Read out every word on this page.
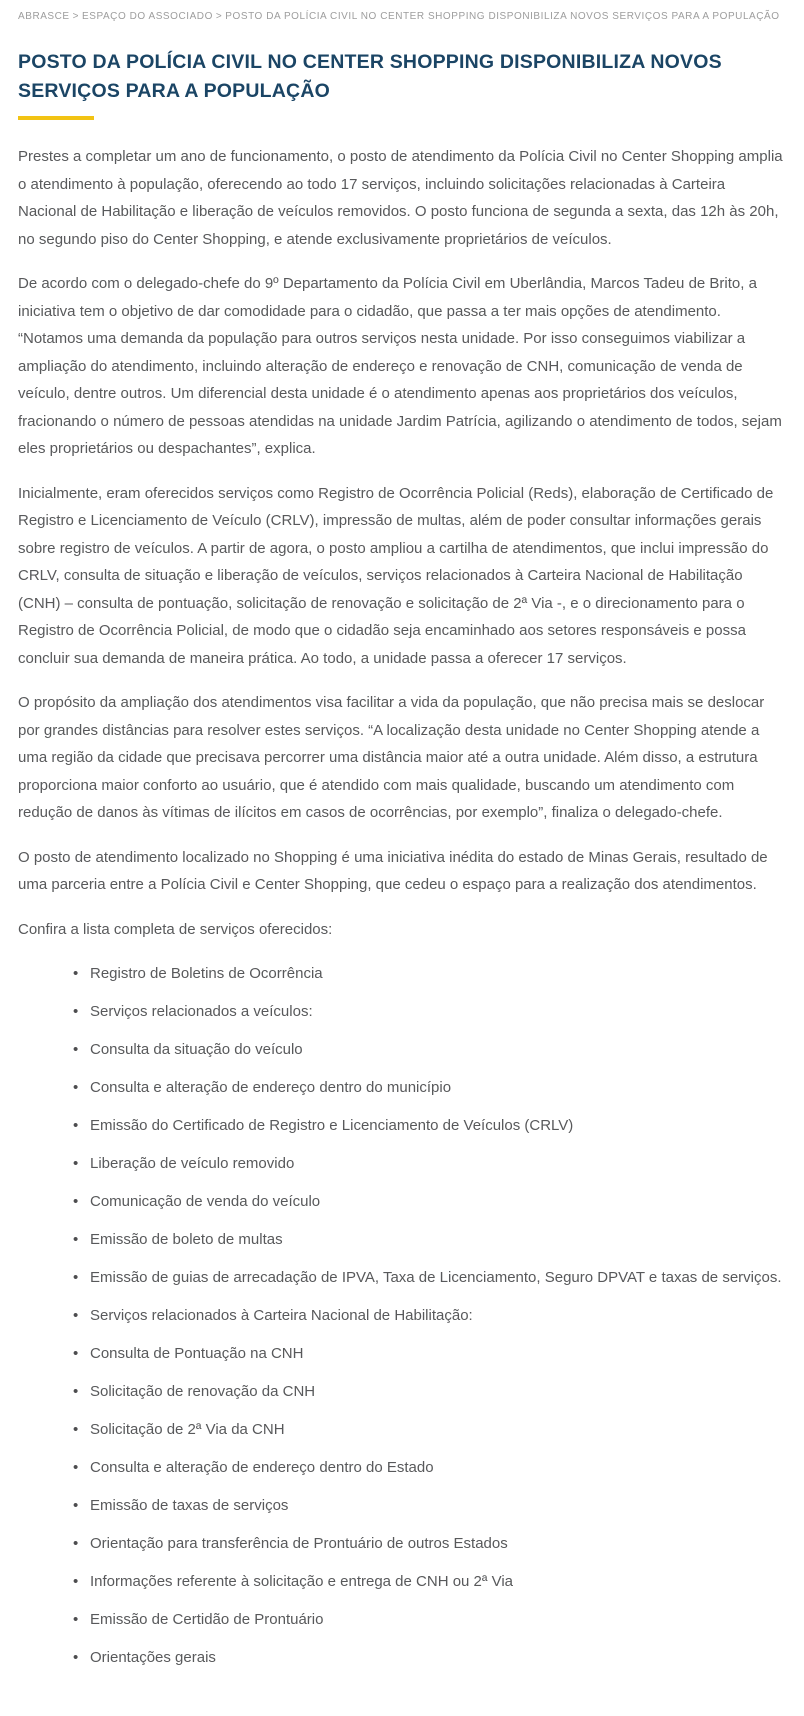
ABRASCE > ESPAÇO DO ASSOCIADO > POSTO DA POLÍCIA CIVIL NO CENTER SHOPPING DISPONIBILIZA NOVOS SERVIÇOS PARA A POPULAÇÃO
POSTO DA POLÍCIA CIVIL NO CENTER SHOPPING DISPONIBILIZA NOVOS SERVIÇOS PARA A POPULAÇÃO

Prestes a completar um ano de funcionamento, o posto de atendimento da Polícia Civil no Center Shopping amplia o atendimento à população, oferecendo ao todo 17 serviços, incluindo solicitações relacionadas à Carteira Nacional de Habilitação e liberação de veículos removidos. O posto funciona de segunda a sexta, das 12h às 20h, no segundo piso do Center Shopping, e atende exclusivamente proprietários de veículos.

De acordo com o delegado-chefe do 9º Departamento da Polícia Civil em Uberlândia, Marcos Tadeu de Brito, a iniciativa tem o objetivo de dar comodidade para o cidadão, que passa a ter mais opções de atendimento. “Notamos uma demanda da população para outros serviços nesta unidade. Por isso conseguimos viabilizar a ampliação do atendimento, incluindo alteração de endereço e renovação de CNH, comunicação de venda de veículo, dentre outros. Um diferencial desta unidade é o atendimento apenas aos proprietários dos veículos, fracionando o número de pessoas atendidas na unidade Jardim Patrícia, agilizando o atendimento de todos, sejam eles proprietários ou despachantes”, explica.

Inicialmente, eram oferecidos serviços como Registro de Ocorrência Policial (Reds), elaboração de Certificado de Registro e Licenciamento de Veículo (CRLV), impressão de multas, além de poder consultar informações gerais sobre registro de veículos. A partir de agora, o posto ampliou a cartilha de atendimentos, que inclui impressão do CRLV, consulta de situação e liberação de veículos, serviços relacionados à Carteira Nacional de Habilitação (CNH) – consulta de pontuação, solicitação de renovação e solicitação de 2ª Via -, e o direcionamento para o Registro de Ocorrência Policial, de modo que o cidadão seja encaminhado aos setores responsáveis e possa concluir sua demanda de maneira prática. Ao todo, a unidade passa a oferecer 17 serviços.

O propósito da ampliação dos atendimentos visa facilitar a vida da população, que não precisa mais se deslocar por grandes distâncias para resolver estes serviços. “A localização desta unidade no Center Shopping atende a uma região da cidade que precisava percorrer uma distância maior até a outra unidade. Além disso, a estrutura proporciona maior conforto ao usuário, que é atendido com mais qualidade, buscando um atendimento com redução de danos às vítimas de ilícitos em casos de ocorrências, por exemplo”, finaliza o delegado-chefe.

O posto de atendimento localizado no Shopping é uma iniciativa inédita do estado de Minas Gerais, resultado de uma parceria entre a Polícia Civil e Center Shopping, que cedeu o espaço para a realização dos atendimentos.

Confira a lista completa de serviços oferecidos:

• Registro de Boletins de Ocorrência
• Serviços relacionados a veículos:
• Consulta da situação do veículo
• Consulta e alteração de endereço dentro do município
• Emissão do Certificado de Registro e Licenciamento de Veículos (CRLV)
• Liberação de veículo removido
• Comunicação de venda do veículo
• Emissão de boleto de multas
• Emissão de guias de arrecadação de IPVA, Taxa de Licenciamento, Seguro DPVAT e taxas de serviços.
• Serviços relacionados à Carteira Nacional de Habilitação:
• Consulta de Pontuação na CNH
• Solicitação de renovação da CNH
• Solicitação de 2ª Via da CNH
• Consulta e alteração de endereço dentro do Estado
• Emissão de taxas de serviços
• Orientação para transferência de Prontuário de outros Estados
• Informações referente à solicitação e entrega de CNH ou 2ª Via
• Emissão de Certidão de Prontuário
• Orientações gerais
